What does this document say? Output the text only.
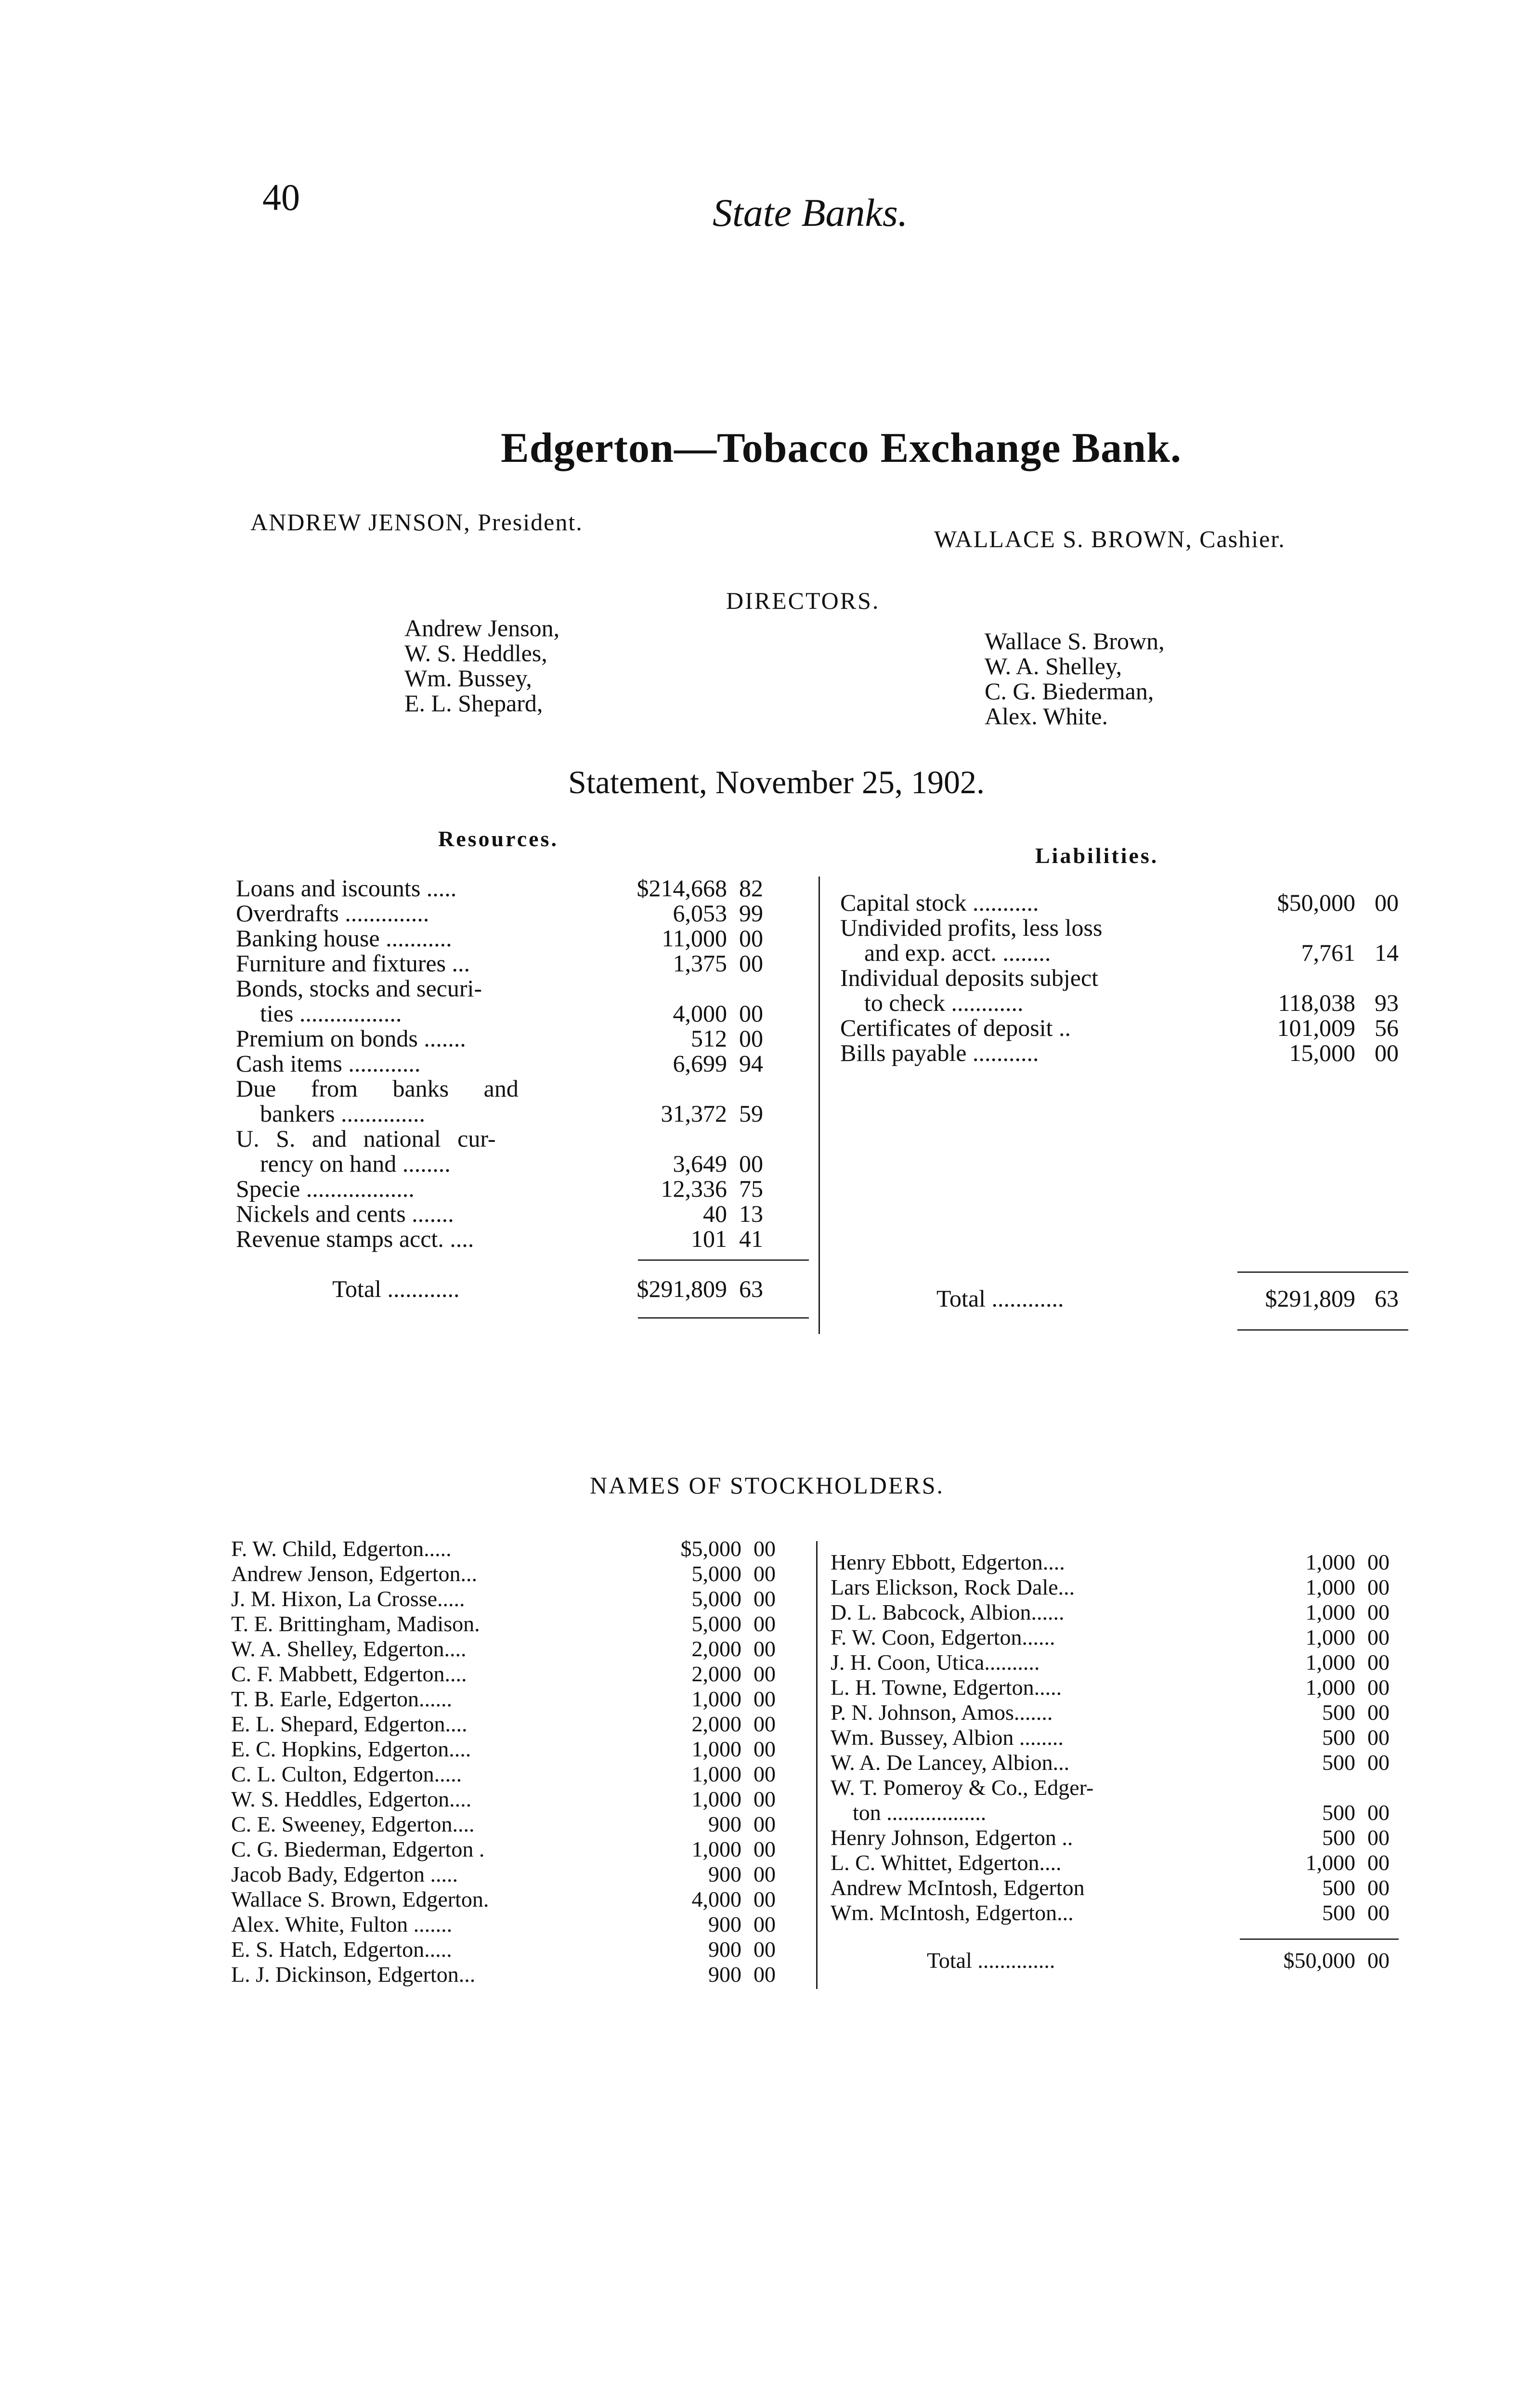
40	State Banks.
Edgerton—Tobacco Exchange Bank.
ANDREW JENSON, President.
WALLACE S. BROWN, Cashier.
DIRECTORS.
Andrew Jenson,
W. S. Heddles,
Wm. Bussey,
E. L. Shepard,
Wallace S. Brown,
W. A. Shelley,
C. G. Biederman,
Alex. White.
Statement, November 25, 1902.
Resources.
Liabilities.
Loans and iscounts .....	$214,668 82
Overdrafts ..............	6,053 99
Banking house ...........	11,000 00
Furniture and fixtures ...	1,375 00
Bonds, stocks and securi-
ties .................	4,000 00
Premium on bonds .......	512 00
Cash items ............	6,699 94
Due from banks and
bankers ..............	31,372 59
U. S. and national cur-
rency on hand ........	3,649 00
Specie ..................	12,336 75
Nickels and cents .......	40 13
Revenue stamps acct. ....	101 41
Total ............	$291,809 63
Capital stock ...........	$50,000 00
Undivided profits, less loss
and exp. acct. ........	7,761 14
Individual deposits subject
to check ............	118,038 93
Certificates of deposit ..	101,009 56
Bills payable ...........	15,000 00
Total ............	$291,809 63
NAMES OF STOCKHOLDERS.
F. W. Child, Edgerton.....	$5,000 00
Andrew Jenson, Edgerton...	5,000 00
J. M. Hixon, La Crosse.....	5,000 00
T. E. Brittingham, Madison.	5,000 00
W. A. Shelley, Edgerton....	2,000 00
C. F. Mabbett, Edgerton....	2,000 00
T. B. Earle, Edgerton......	1,000 00
E. L. Shepard, Edgerton....	2,000 00
E. C. Hopkins, Edgerton....	1,000 00
C. L. Culton, Edgerton.....	1,000 00
W. S. Heddles, Edgerton....	1,000 00
C. E. Sweeney, Edgerton....	900 00
C. G. Biederman, Edgerton .	1,000 00
Jacob Bady, Edgerton .....	900 00
Wallace S. Brown, Edgerton.	4,000 00
Alex. White, Fulton .......	900 00
E. S. Hatch, Edgerton.....	900 00
L. J. Dickinson, Edgerton...	900 00
Henry Ebbott, Edgerton....	1,000 00
Lars Elickson, Rock Dale...	1,000 00
D. L. Babcock, Albion......	1,000 00
F. W. Coon, Edgerton......	1,000 00
J. H. Coon, Utica..........	1,000 00
L. H. Towne, Edgerton.....	1,000 00
P. N. Johnson, Amos.......	500 00
Wm. Bussey, Albion ........	500 00
W. A. De Lancey, Albion...	500 00
W. T. Pomeroy & Co., Edger-
ton ..................	500 00
Henry Johnson, Edgerton ..	500 00
L. C. Whittet, Edgerton....	1,000 00
Andrew McIntosh, Edgerton	500 00
Wm. McIntosh, Edgerton...	500 00
Total ..............	$50,000 00
